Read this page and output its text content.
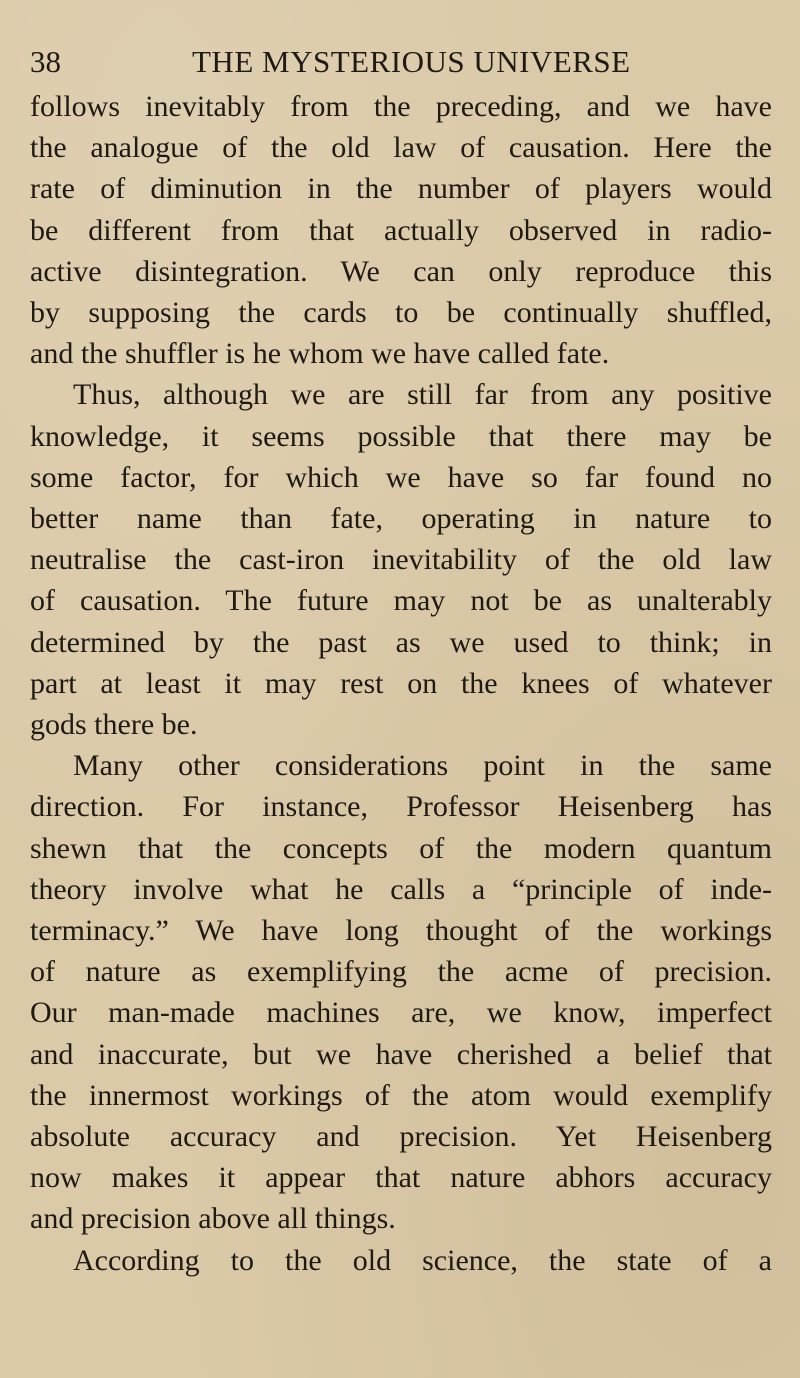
38	THE MYSTERIOUS UNIVERSE
follows inevitably from the preceding, and we have
the analogue of the old law of causation. Here the
rate of diminution in the number of players would
be different from that actually observed in radio-
active disintegration. We can only reproduce this
by supposing the cards to be continually shuffled,
and the shuffler is he whom we have called fate.
Thus, although we are still far from any positive
knowledge, it seems possible that there may be
some factor, for which we have so far found no
better name than fate, operating in nature to
neutralise the cast-iron inevitability of the old law
of causation. The future may not be as unalterably
determined by the past as we used to think; in
part at least it may rest on the knees of whatever
gods there be.
Many other considerations point in the same
direction. For instance, Professor Heisenberg has
shewn that the concepts of the modern quantum
theory involve what he calls a “principle of inde-
terminacy.” We have long thought of the workings
of nature as exemplifying the acme of precision.
Our man-made machines are, we know, imperfect
and inaccurate, but we have cherished a belief that
the innermost workings of the atom would exemplify
absolute accuracy and precision. Yet Heisenberg
now makes it appear that nature abhors accuracy
and precision above all things.
According to the old science, the state of a
